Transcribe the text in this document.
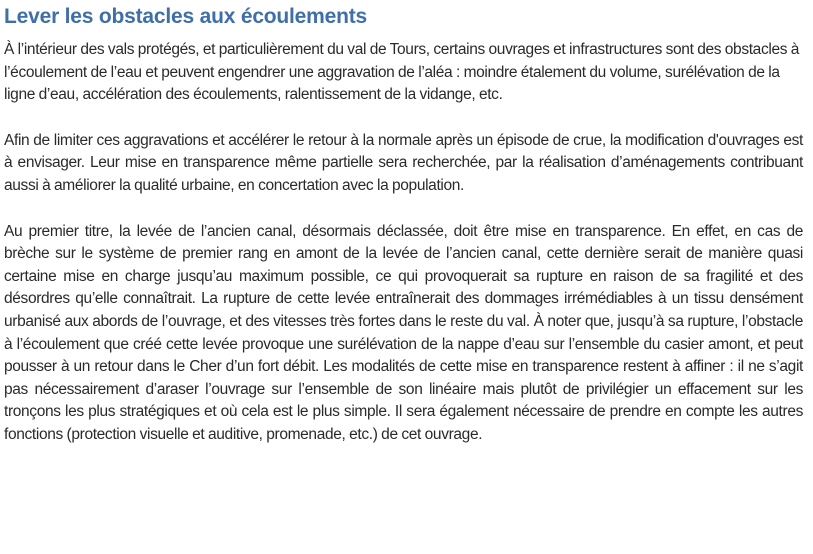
Lever les obstacles aux écoulements

À l’intérieur des vals protégés, et particulièrement du val de Tours, certains ouvrages et infrastructures sont des obstacles à l’écoulement de l’eau et peuvent engendrer une aggravation de l’aléa : moindre étalement du volume, surélévation de la ligne d’eau, accélération des écoulements, ralentissement de la vidange, etc.

Afin de limiter ces aggravations et accélérer le retour à la normale après un épisode de crue, la modification d'ouvrages est à envisager. Leur mise en transparence même partielle sera recherchée, par la réalisation d’aménagements contribuant aussi à améliorer la qualité urbaine, en concertation avec la population.

Au premier titre, la levée de l’ancien canal, désormais déclassée, doit être mise en transparence. En effet, en cas de brèche sur le système de premier rang en amont de la levée de l’ancien canal, cette dernière serait de manière quasi certaine mise en charge jusqu’au maximum possible, ce qui provoquerait sa rupture en raison de sa fragilité et des désordres qu’elle connaîtrait. La rupture de cette levée entraînerait des dommages irrémédiables à un tissu densément urbanisé aux abords de l’ouvrage, et des vitesses très fortes dans le reste du val. À noter que, jusqu’à sa rupture, l’obstacle à l’écoulement que créé cette levée provoque une surélévation de la nappe d’eau sur l’ensemble du casier amont, et peut pousser à un retour dans le Cher d’un fort débit. Les modalités de cette mise en transparence restent à affiner : il ne s’agit pas nécessairement d’araser l’ouvrage sur l’ensemble de son linéaire mais plutôt de privilégier un effacement sur les tronçons les plus stratégiques et où cela est le plus simple. Il sera également nécessaire de prendre en compte les autres fonctions (protection visuelle et auditive, promenade, etc.) de cet ouvrage.
